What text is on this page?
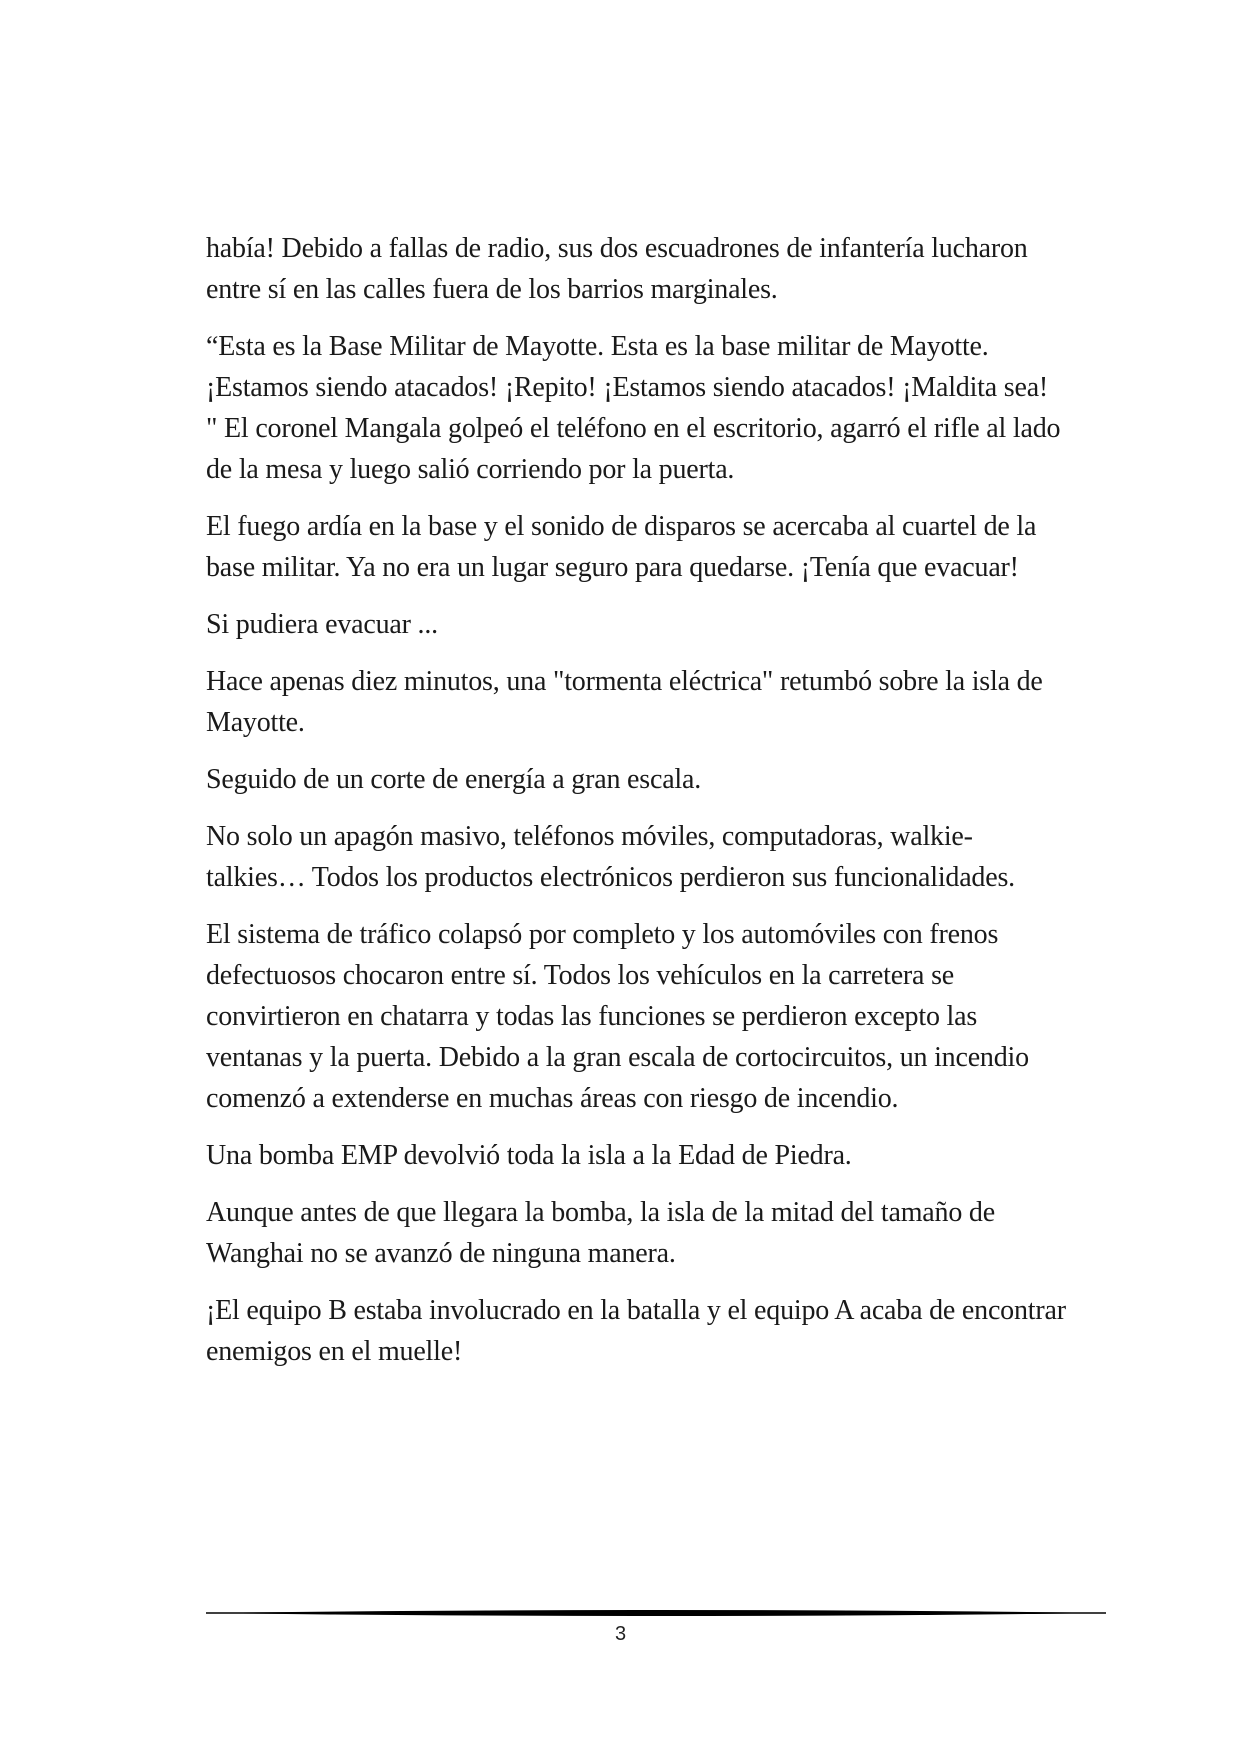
había! Debido a fallas de radio, sus dos escuadrones de infantería lucharon entre sí en las calles fuera de los barrios marginales.

“Esta es la Base Militar de Mayotte. Esta es la base militar de Mayotte. ¡Estamos siendo atacados! ¡Repito! ¡Estamos siendo atacados! ¡Maldita sea! " El coronel Mangala golpeó el teléfono en el escritorio, agarró el rifle al lado de la mesa y luego salió corriendo por la puerta.

El fuego ardía en la base y el sonido de disparos se acercaba al cuartel de la base militar. Ya no era un lugar seguro para quedarse. ¡Tenía que evacuar!

Si pudiera evacuar ...

Hace apenas diez minutos, una "tormenta eléctrica" retumbó sobre la isla de Mayotte.

Seguido de un corte de energía a gran escala.

No solo un apagón masivo, teléfonos móviles, computadoras, walkie-talkies… Todos los productos electrónicos perdieron sus funcionalidades.

El sistema de tráfico colapsó por completo y los automóviles con frenos defectuosos chocaron entre sí. Todos los vehículos en la carretera se convirtieron en chatarra y todas las funciones se perdieron excepto las ventanas y la puerta. Debido a la gran escala de cortocircuitos, un incendio comenzó a extenderse en muchas áreas con riesgo de incendio.

Una bomba EMP devolvió toda la isla a la Edad de Piedra.

Aunque antes de que llegara la bomba, la isla de la mitad del tamaño de Wanghai no se avanzó de ninguna manera.

¡El equipo B estaba involucrado en la batalla y el equipo A acaba de encontrar enemigos en el muelle!

3
